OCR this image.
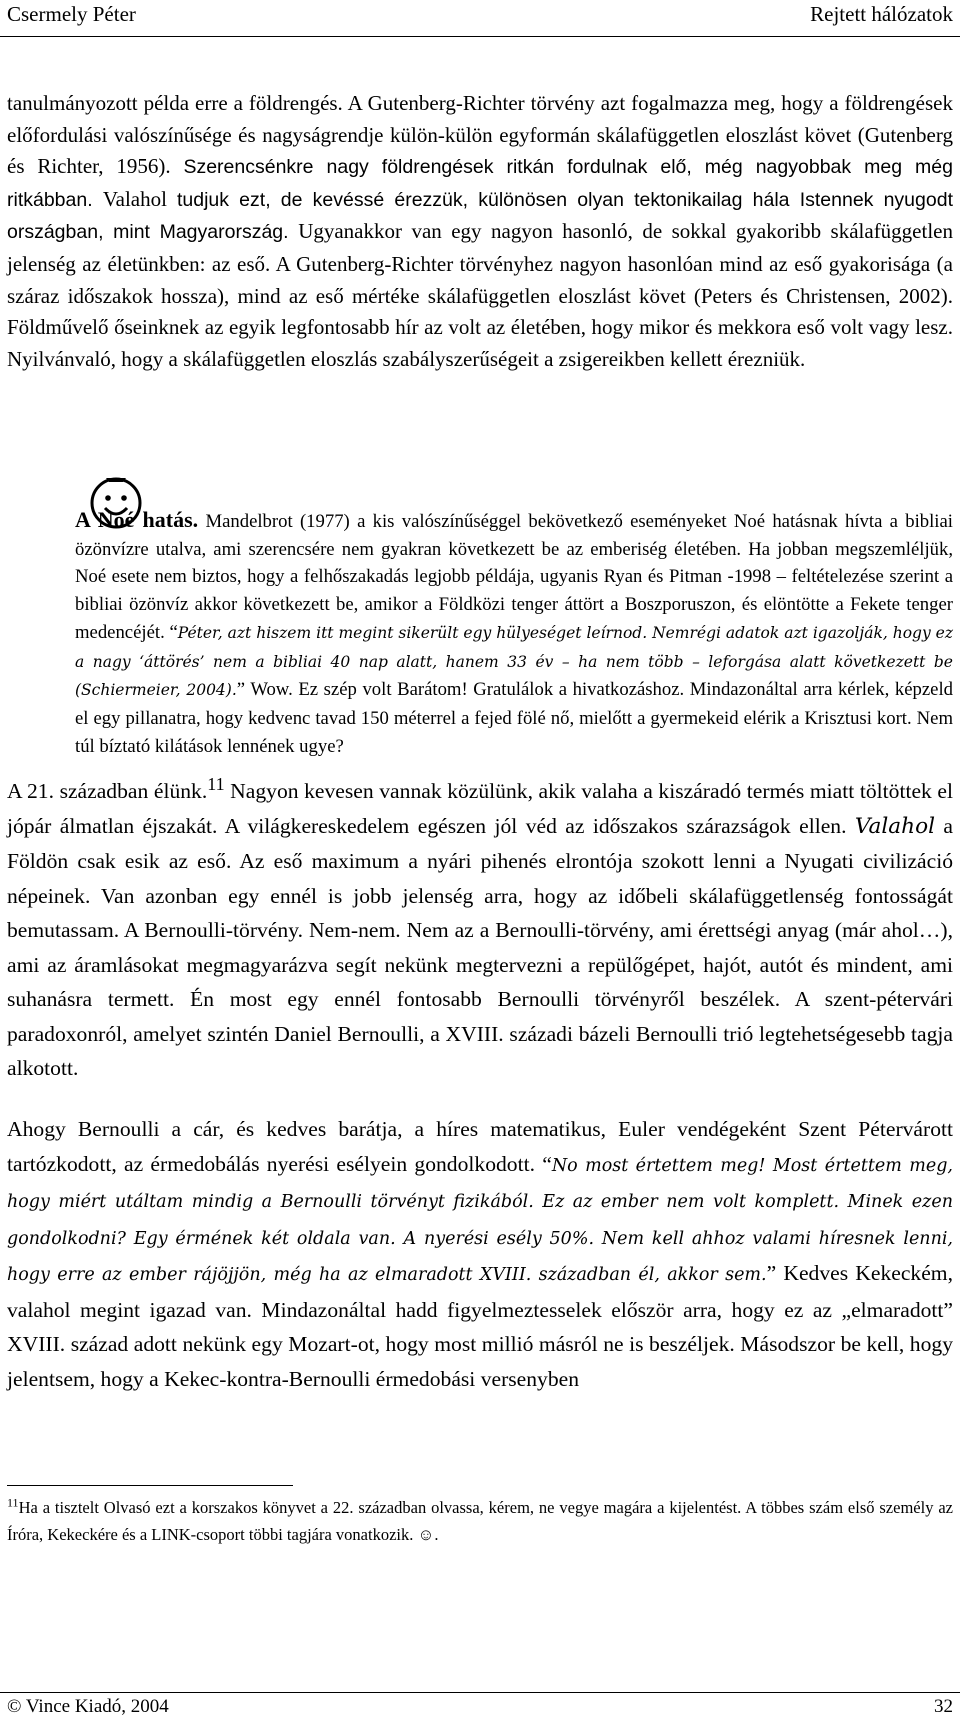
Csermely Péter	Rejtett hálózatok

tanulmányozott példa erre a földrengés. A Gutenberg-Richter törvény azt fogalmazza meg, hogy a földrengések előfordulási valószínűsége és nagyságrendje külön-külön egyformán skálafüggetlen eloszlást követ (Gutenberg és Richter, 1956). Szerencsénkre nagy földrengések ritkán fordulnak elő, még nagyobbak meg még ritkábban. Valahol tudjuk ezt, de kevéssé érezzük, különösen olyan tektonikailag hála Istennek nyugodt országban, mint Magyarország. Ugyanakkor van egy nagyon hasonló, de sokkal gyakoribb skálafüggetlen jelenség az életünkben: az eső. A Gutenberg-Richter törvényhez nagyon hasonlóan mind az eső gyakorisága (a száraz időszakok hossza), mind az eső mértéke skálafüggetlen eloszlást követ (Peters és Christensen, 2002). Földművelő őseinknek az egyik legfontosabb hír az volt az életében, hogy mikor és mekkora eső volt vagy lesz. Nyilvánvaló, hogy a skálafüggetlen eloszlás szabályszerűségeit a zsigereikben kellett érezniük.

A Noé hatás. Mandelbrot (1977) a kis valószínűséggel bekövetkező eseményeket Noé hatásnak hívta a bibliai özönvízre utalva, ami szerencsére nem gyakran következett be az emberiség életében. Ha jobban megszemléljük, Noé esete nem biztos, hogy a felhőszakadás legjobb példája, ugyanis Ryan és Pitman -1998 – feltételezése szerint a bibliai özönvíz akkor következett be, amikor a Földközi tenger áttört a Boszporuszon, és elöntötte a Fekete tenger medencéjét. “Péter, azt hiszem itt megint sikerült egy hülyeséget leírnod. Nemrégi adatok azt igazolják, hogy ez a nagy ‘áttörés’ nem a bibliai 40 nap alatt, hanem 33 év – ha nem több – leforgása alatt következett be (Schiermeier, 2004).” Wow. Ez szép volt Barátom! Gratulálok a hivatkozáshoz. Mindazonáltal arra kérlek, képzeld el egy pillanatra, hogy kedvenc tavad 150 méterrel a fejed fölé nő, mielőtt a gyermekeid elérik a Krisztusi kort. Nem túl bíztató kilátások lennének ugye?

A 21. században élünk.$^{11}$ Nagyon kevesen vannak közülünk, akik valaha a kiszáradó termés miatt töltöttek el jópár álmatlan éjszakát. A világkereskedelem egészen jól véd az időszakos szárazságok ellen. Valahol a Földön csak esik az eső. Az eső maximum a nyári pihenés elrontója szokott lenni a Nyugati civilizáció népeinek. Van azonban egy ennél is jobb jelenség arra, hogy az időbeli skálafüggetlenség fontosságát bemutassam. A Bernoulli-törvény. Nem-nem. Nem az a Bernoulli-törvény, ami érettségi anyag (már ahol…), ami az áramlásokat megmagyarázva segít nekünk megtervezni a repülőgépet, hajót, autót és mindent, ami suhanásra termett. Én most egy ennél fontosabb Bernoulli törvényről beszélek. A szent-pétervári paradoxonról, amelyet szintén Daniel Bernoulli, a XVIII. századi bázeli Bernoulli trió legtehetségesebb tagja alkotott.

Ahogy Bernoulli a cár, és kedves barátja, a híres matematikus, Euler vendégeként Szent Pétervárott tartózkodott, az érmedobálás nyerési esélyein gondolkodott. “No most értettem meg! Most értettem meg, hogy miért utáltam mindig a Bernoulli törvényt fizikából. Ez az ember nem volt komplett. Minek ezen gondolkodni? Egy érmének két oldala van. A nyerési esély 50%. Nem kell ahhoz valami híresnek lenni, hogy erre az ember rájöjjön, még ha az elmaradott XVIII. században él, akkor sem.” Kedves Kekeckém, valahol megint igazad van. Mindazonáltal hadd figyelmeztesselek először arra, hogy ez az „elmaradott” XVIII. század adott nekünk egy Mozart-ot, hogy most millió másról ne is beszéljek. Másodszor be kell, hogy jelentsem, hogy a Kekec-kontra-Bernoulli érmedobási versenyben

$^{11}$Ha a tisztelt Olvasó ezt a korszakos könyvet a 22. században olvassa, kérem, ne vegye magára a kijelentést. A többes szám első személy az Íróra, Kekeckére és a LINK-csoport többi tagjára vonatkozik. ☺.

© Vince Kiadó, 2004	32
